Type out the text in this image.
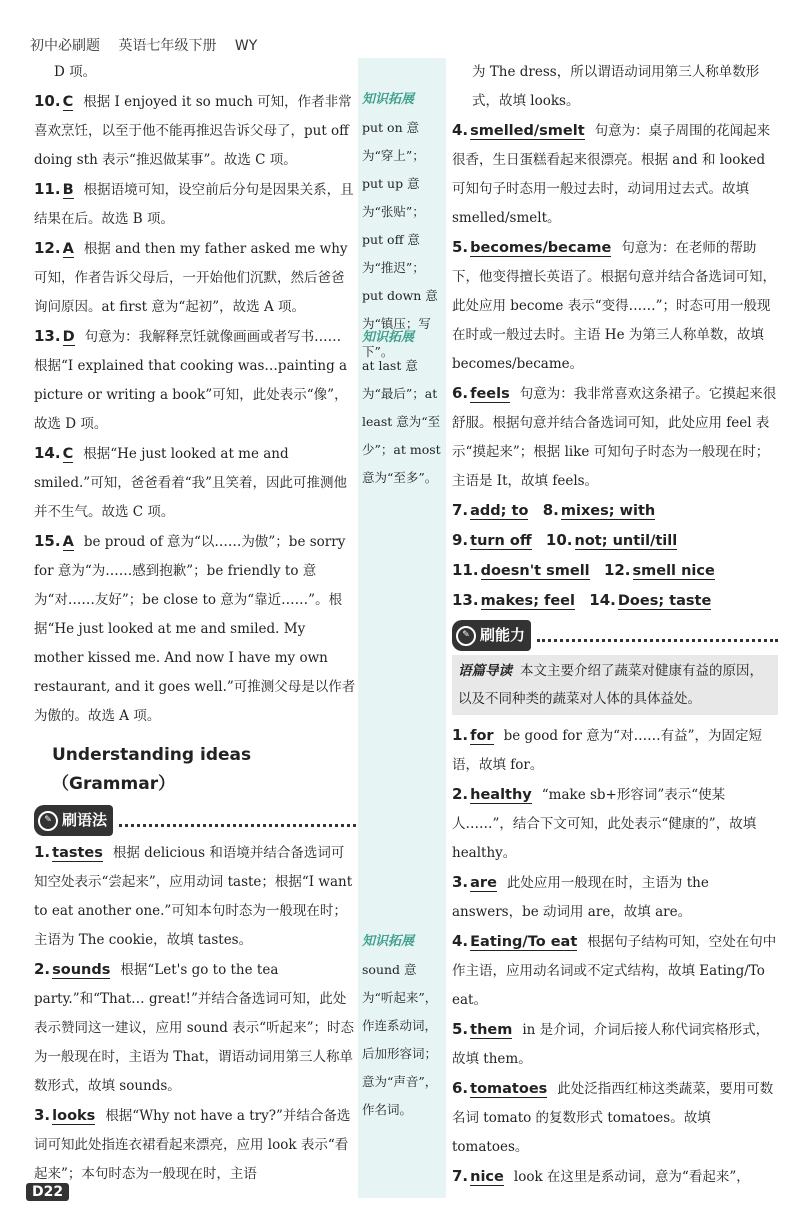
初中必刷题 英语七年级下册 WY
知识拓展
put on 意为“穿上”；put up 意为“张贴”；put off 意为“推迟”；put down 意为“镇压；写下”。
知识拓展
at last 意为“最后”；at least 意为“至少”；at most 意为“至多”。
知识拓展
sound 意为“听起来”，作连系动词，后加形容词；意为“声音”，作名词。
D 项。
10. C 根据 I enjoyed it so much 可知，作者非常喜欢烹饪，以至于他不能再推迟告诉父母了，put off doing sth 表示“推迟做某事”。故选 C 项。
11. B 根据语境可知，设空前后分句是因果关系，且结果在后。故选 B 项。
12. A 根据 and then my father asked me why 可知，作者告诉父母后，一开始他们沉默，然后爸爸询问原因。at first 意为“起初”，故选 A 项。
13. D 句意为：我解释烹饪就像画画或者写书…… 根据“I explained that cooking was…painting a picture or writing a book”可知，此处表示“像”，故选 D 项。
14. C 根据“He just looked at me and smiled.”可知，爸爸看着“我”且笑着，因此可推测他并不生气。故选 C 项。
15. A be proud of 意为“以……为傲”；be sorry for 意为“为……感到抱歉”；be friendly to 意为“对……友好”；be close to 意为“靠近……”。根据“He just looked at me and smiled. My mother kissed me. And now I have my own restaurant, and it goes well.”可推测父母是以作者为傲的。故选 A 项。
Understanding ideas（Grammar）
✎ 刷语法
1. tastes 根据 delicious 和语境并结合备选词可知空处表示“尝起来”，应用动词 taste；根据“I want to eat another one.”可知本句时态为一般现在时；主语为 The cookie，故填 tastes。
2. sounds 根据“Let's go to the tea party.”和“That… great!”并结合备选词可知，此处表示赞同这一建议，应用 sound 表示“听起来”；时态为一般现在时，主语为 That，谓语动词用第三人称单数形式，故填 sounds。
3. looks 根据“Why not have a try?”并结合备选词可知此处指连衣裙看起来漂亮，应用 look 表示“看起来”；本句时态为一般现在时，主语
为 The dress，所以谓语动词用第三人称单数形式，故填 looks。
4. smelled/smelt 句意为：桌子周围的花闻起来很香，生日蛋糕看起来很漂亮。根据 and 和 looked 可知句子时态用一般过去时，动词用过去式。故填 smelled/smelt。
5. becomes/became 句意为：在老师的帮助下，他变得擅长英语了。根据句意并结合备选词可知，此处应用 become 表示“变得……”；时态可用一般现在时或一般过去时。主语 He 为第三人称单数，故填 becomes/became。
6. feels 句意为：我非常喜欢这条裙子。它摸起来很舒服。根据句意并结合备选词可知，此处应用 feel 表示“摸起来”；根据 like 可知句子时态为一般现在时；主语是 It，故填 feels。
7. add; to 8. mixes; with
9. turn off 10. not; until/till
11. doesn't smell 12. smell nice
13. makes; feel 14. Does; taste
✎ 刷能力
语篇导读 本文主要介绍了蔬菜对健康有益的原因，以及不同种类的蔬菜对人体的具体益处。
1. for be good for 意为“对……有益”，为固定短语，故填 for。
2. healthy “make sb+形容词”表示“使某人……”，结合下文可知，此处表示“健康的”，故填 healthy。
3. are 此处应用一般现在时，主语为 the answers，be 动词用 are，故填 are。
4. Eating/To eat 根据句子结构可知，空处在句中作主语，应用动名词或不定式结构，故填 Eating/To eat。
5. them in 是介词，介词后接人称代词宾格形式，故填 them。
6. tomatoes 此处泛指西红柿这类蔬菜，要用可数名词 tomato 的复数形式 tomatoes。故填 tomatoes。
7. nice look 在这里是系动词，意为“看起来”，
D22
